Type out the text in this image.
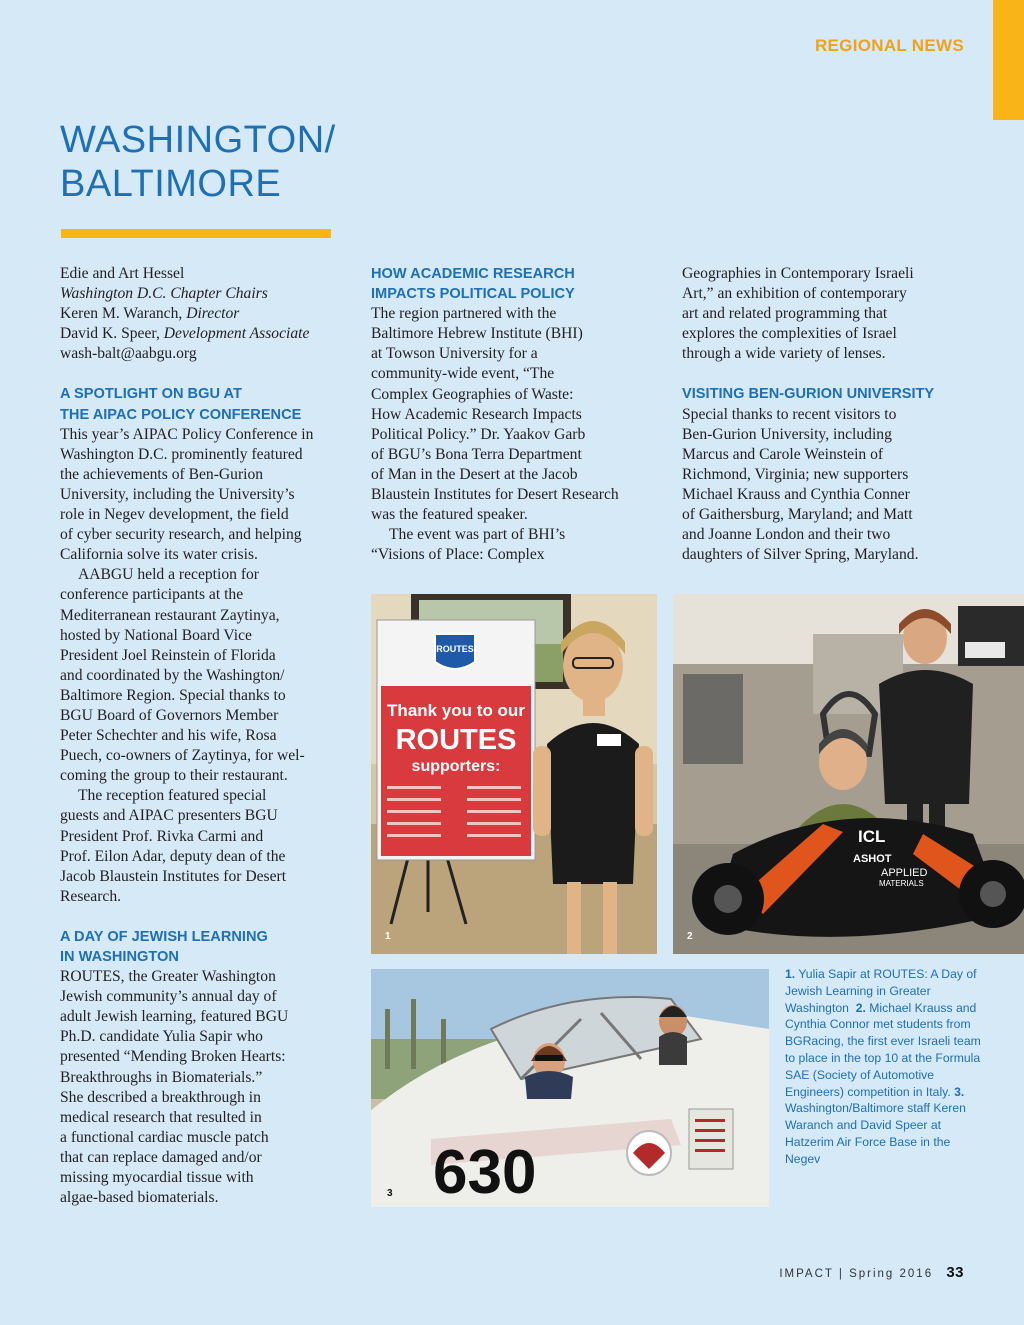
REGIONAL NEWS
WASHINGTON/
BALTIMORE
Edie and Art Hessel
Washington D.C. Chapter Chairs
Keren M. Waranch, Director
David K. Speer, Development Associate
wash-balt@aabgu.org
A SPOTLIGHT ON BGU AT
THE AIPAC POLICY CONFERENCE

This year’s AIPAC Policy Conference in
Washington D.C. prominently featured
the achievements of Ben-Gurion
University, including the University’s
role in Negev development, the field
of cyber security research, and helping
California solve its water crisis.

AABGU held a reception for
conference participants at the
Mediterranean restaurant Zaytinya,
hosted by National Board Vice
President Joel Reinstein of Florida
and coordinated by the Washington/
Baltimore Region. Special thanks to
BGU Board of Governors Member
Peter Schechter and his wife, Rosa
Puech, co-owners of Zaytinya, for wel-
coming the group to their restaurant.

The reception featured special
guests and AIPAC presenters BGU
President Prof. Rivka Carmi and
Prof. Eilon Adar, deputy dean of the
Jacob Blaustein Institutes for Desert
Research.

A DAY OF JEWISH LEARNING
IN WASHINGTON

ROUTES, the Greater Washington
Jewish community’s annual day of
adult Jewish learning, featured BGU
Ph.D. candidate Yulia Sapir who
presented “Mending Broken Hearts:
Breakthroughs in Biomaterials.”
She described a breakthrough in
medical research that resulted in
a functional cardiac muscle patch
that can replace damaged and/or
missing myocardial tissue with
algae-based biomaterials.

HOW ACADEMIC RESEARCH
IMPACTS POLITICAL POLICY

The region partnered with the
Baltimore Hebrew Institute (BHI)
at Towson University for a
community-wide event, “The
Complex Geographies of Waste:
How Academic Research Impacts
Political Policy.” Dr. Yaakov Garb
of BGU’s Bona Terra Department
of Man in the Desert at the Jacob
Blaustein Institutes for Desert Research
was the featured speaker.

The event was part of BHI’s
“Visions of Place: Complex

Geographies in Contemporary Israeli
Art,” an exhibition of contemporary
art and related programming that
explores the complexities of Israel
through a wide variety of lenses.

VISITING BEN-GURION UNIVERSITY

Special thanks to recent visitors to
Ben-Gurion University, including
Marcus and Carole Weinstein of
Richmond, Virginia; new supporters
Michael Krauss and Cynthia Conner
of Gaithersburg, Maryland; and Matt
and Joanne London and their two
daughters of Silver Spring, Maryland.

ROUTES
Thank you to our
ROUTES
supporters:
1
ICL
ASHOT
APPLIED
MATERIALS
2
630
3
1. Yulia Sapir at ROUTES: A Day of Jewish Learning in Greater Washington 2. Michael Krauss and Cynthia Connor met students from BGRacing, the first ever Israeli team to place in the top 10 at the Formula SAE (Society of Automotive Engineers) competition in Italy. 3. Washington/Baltimore staff Keren Waranch and David Speer at Hatzerim Air Force Base in the Negev
IMPACT | Spring 2016 33
